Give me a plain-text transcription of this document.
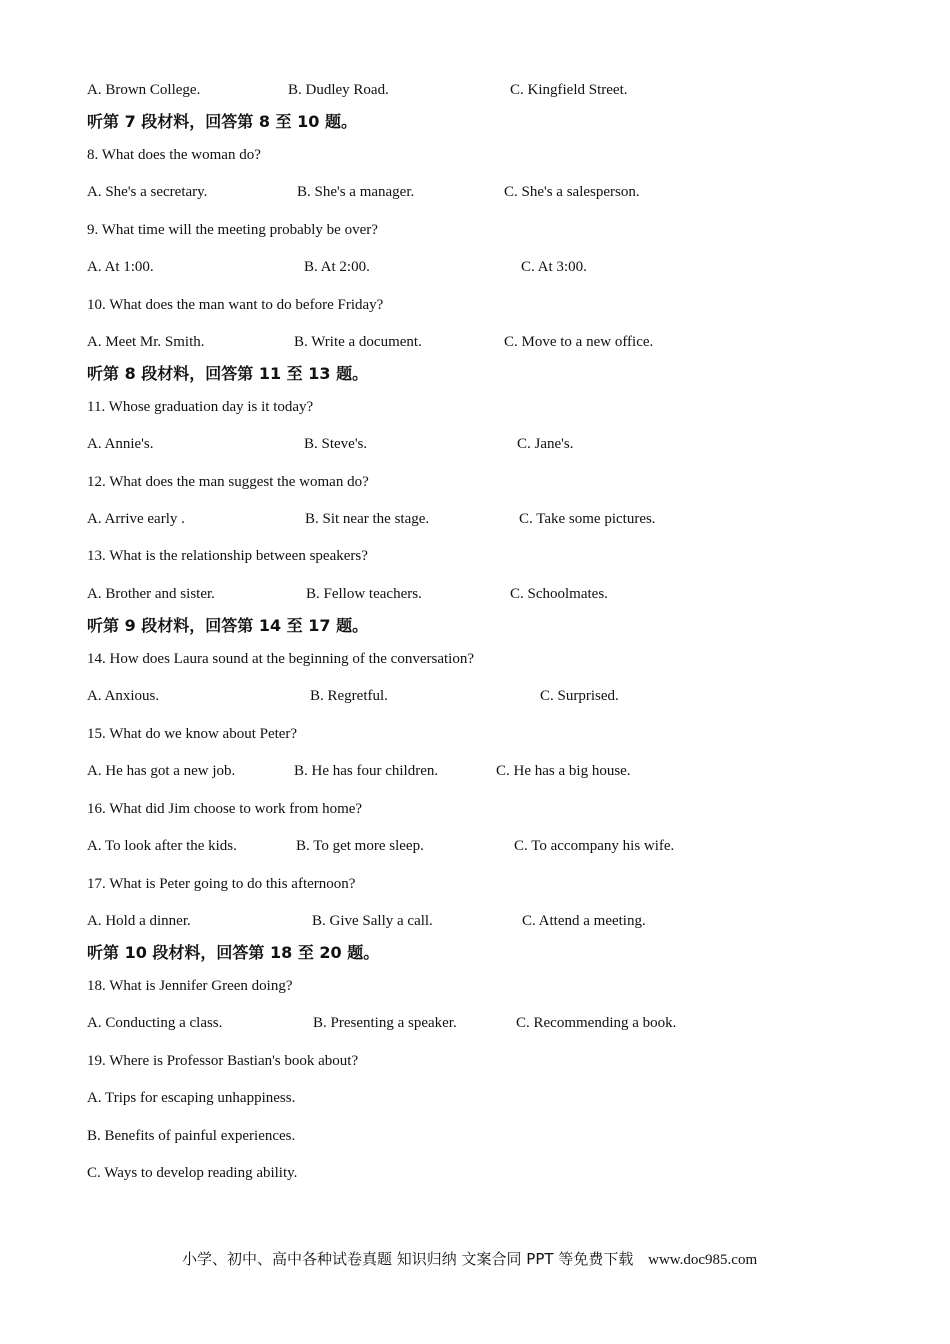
A. Brown College.	B. Dudley Road.	C. Kingfield Street.
听第 7 段材料，回答第 8 至 10 题。
8. What does the woman do?
A. She's a secretary.	B. She's a manager.	C. She's a salesperson.
9. What time will the meeting probably be over?
A. At 1:00.	B. At 2:00.	C. At 3:00.
10. What does the man want to do before Friday?
A. Meet Mr. Smith.	B. Write a document.	C. Move to a new office.
听第 8 段材料，回答第 11 至 13 题。
11. Whose graduation day is it today?
A. Annie's.	B. Steve's.	C. Jane's.
12. What does the man suggest the woman do?
A. Arrive early .	B. Sit near the stage.	C. Take some pictures.
13. What is the relationship between speakers?
A. Brother and sister.	B. Fellow teachers.	C. Schoolmates.
听第 9 段材料，回答第 14 至 17 题。
14. How does Laura sound at the beginning of the conversation?
A. Anxious.	B. Regretful.	C. Surprised.
15. What do we know about Peter?
A. He has got a new job.	B. He has four children.	C. He has a big house.
16. What did Jim choose to work from home?
A. To look after the kids.	B. To get more sleep.	C. To accompany his wife.
17. What is Peter going to do this afternoon?
A. Hold a dinner.	B. Give Sally a call.	C. Attend a meeting.
听第 10 段材料，回答第 18 至 20 题。
18. What is Jennifer Green doing?
A. Conducting a class.	B. Presenting a speaker.	C. Recommending a book.
19. Where is Professor Bastian's book about?
A. Trips for escaping unhappiness.
B. Benefits of painful experiences.
C. Ways to develop reading ability.
小学、初中、高中各种试卷真题 知识归纳 文案合同 PPT 等免费下载 www.doc985.com
